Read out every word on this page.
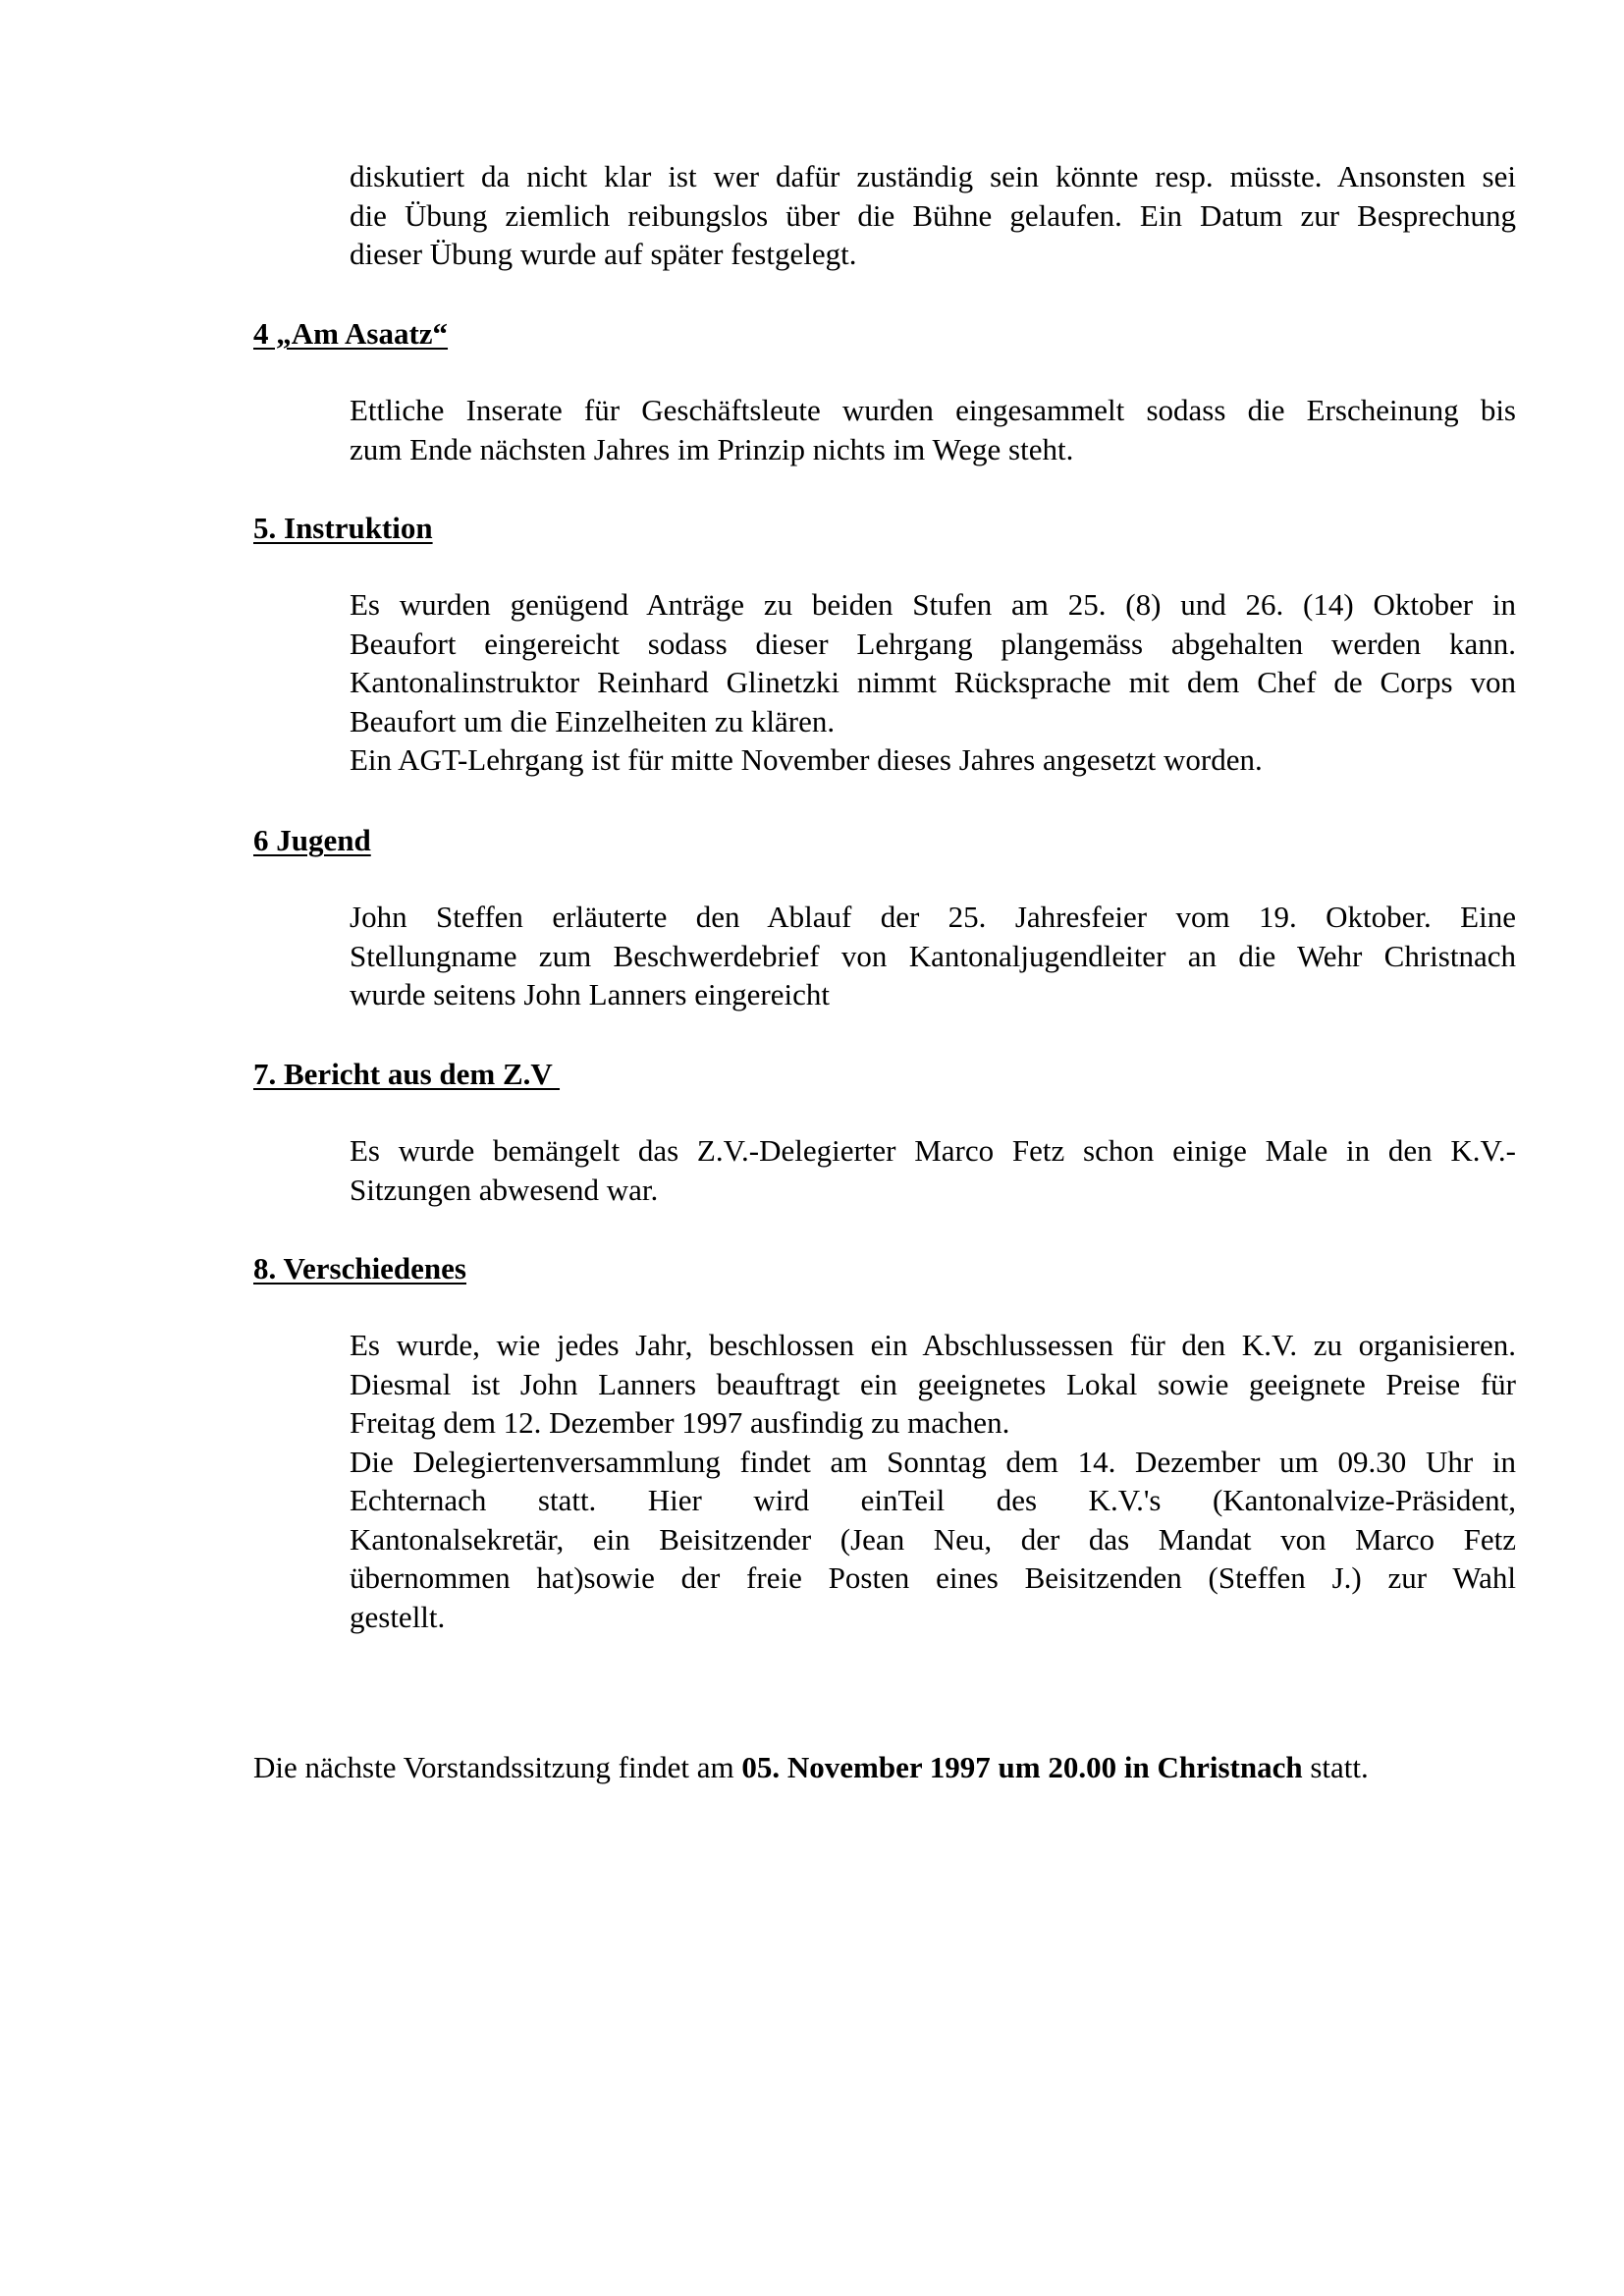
diskutiert da nicht klar ist wer dafür zuständig sein könnte resp. müsste. Ansonsten sei
die Übung ziemlich reibungslos über die Bühne gelaufen. Ein Datum zur Besprechung
dieser Übung wurde auf später festgelegt.
4 „Am Asaatz“
Ettliche Inserate für Geschäftsleute wurden eingesammelt sodass die Erscheinung bis
zum Ende nächsten Jahres im Prinzip nichts im Wege steht.
5. Instruktion
Es wurden genügend Anträge zu beiden Stufen am 25. (8) und 26. (14) Oktober in
Beaufort eingereicht sodass dieser Lehrgang plangemäss abgehalten werden kann.
Kantonalinstruktor Reinhard Glinetzki nimmt Rücksprache mit dem Chef de Corps von
Beaufort um die Einzelheiten zu klären.
Ein AGT-Lehrgang ist für mitte November dieses Jahres angesetzt worden.
6 Jugend
John Steffen erläuterte den Ablauf der 25. Jahresfeier vom 19. Oktober. Eine
Stellungname zum Beschwerdebrief von Kantonaljugendleiter an die Wehr Christnach
wurde seitens John Lanners eingereicht
7. Bericht aus dem Z.V
Es wurde bemängelt das Z.V.-Delegierter Marco Fetz schon einige Male in den K.V.-
Sitzungen abwesend war.
8. Verschiedenes
Es wurde, wie jedes Jahr, beschlossen ein Abschlussessen für den K.V. zu organisieren.
Diesmal ist John Lanners beauftragt ein geeignetes Lokal sowie geeignete Preise für
Freitag dem 12. Dezember 1997 ausfindig zu machen.
Die Delegiertenversammlung findet am Sonntag dem 14. Dezember um 09.30 Uhr in
Echternach statt. Hier wird einTeil des K.V.'s (Kantonalvize-Präsident,
Kantonalsekretär, ein Beisitzender (Jean Neu, der das Mandat von Marco Fetz
übernommen hat)sowie der freie Posten eines Beisitzenden (Steffen J.) zur Wahl
gestellt.

Die nächste Vorstandssitzung findet am 05. November 1997 um 20.00 in Christnach statt.
